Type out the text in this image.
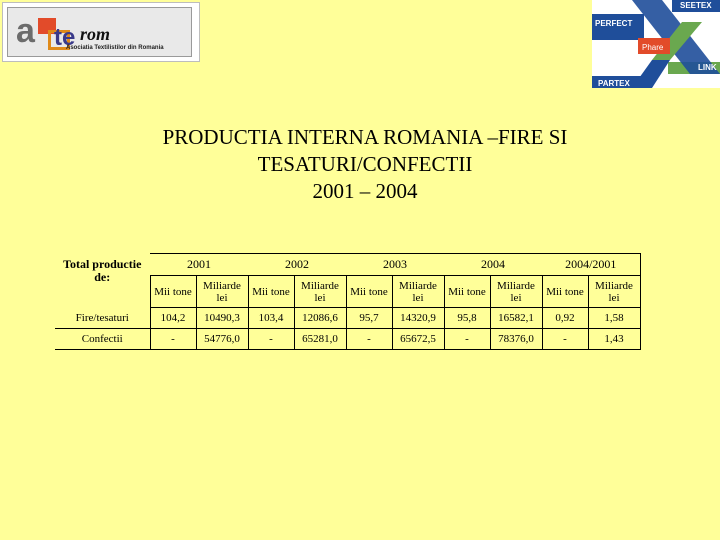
a te rom
Asociatia Textilistilor din Romania
SEETEX
PERFECT
Phare
LINK
PARTEX
PRODUCTIA INTERNA ROMANIA –FIRE SI
TESATURI/CONFECTII
2001 – 2004
Total productie de:	2001		2002		2003		2004		2004/2001	
	Mii tone	Miliarde lei	Mii tone	Miliarde lei	Mii tone	Miliarde lei	Mii tone	Miliarde lei	Mii tone	Miliarde lei
Fire/tesaturi	104,2	10490,3	103,4	12086,6	95,7	14320,9	95,8	16582,1	0,92	1,58
Confectii	-	54776,0	-	65281,0	-	65672,5	-	78376,0	-	1,43
